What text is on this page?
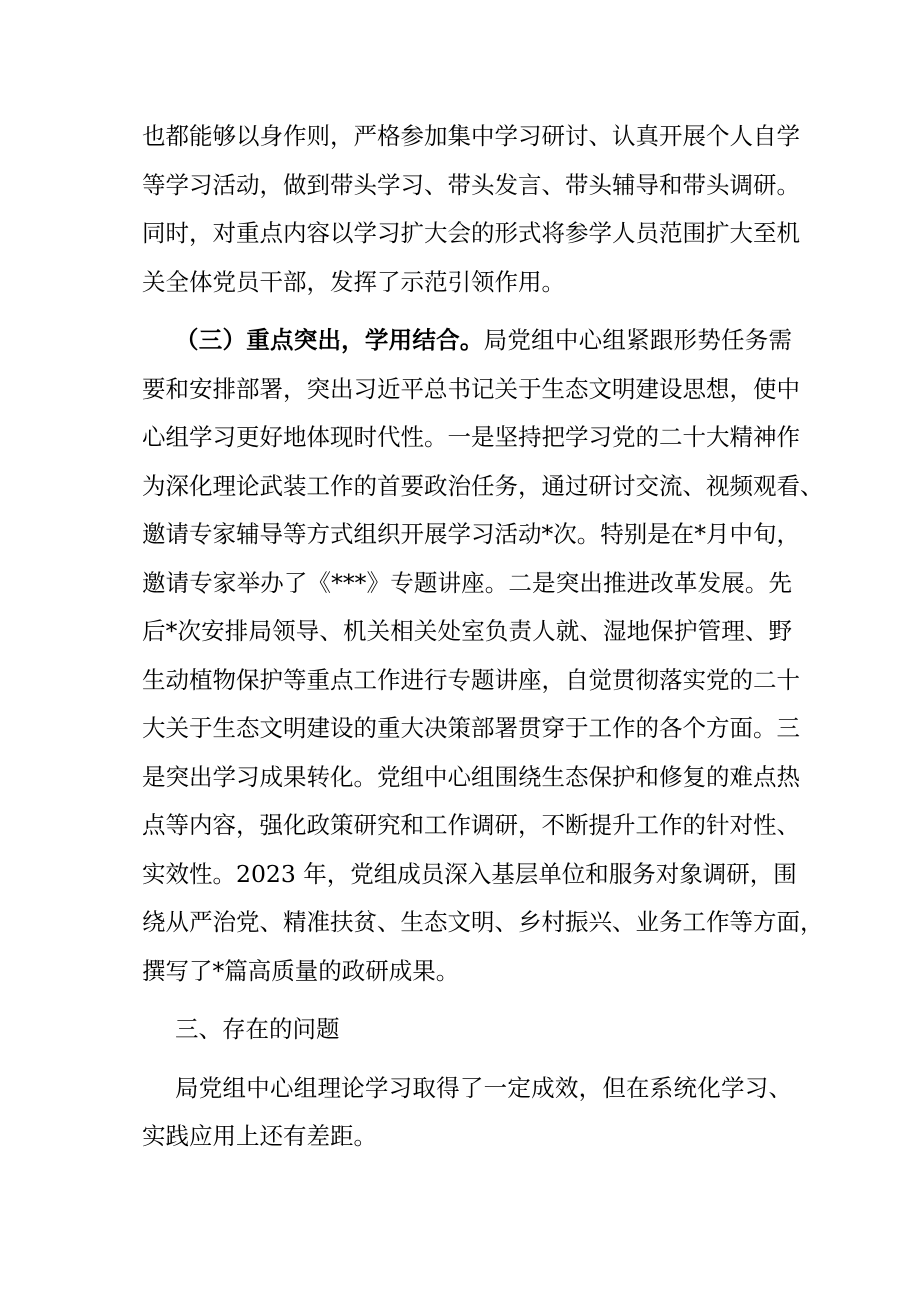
也都能够以身作则，严格参加集中学习研讨、认真开展个人自学
等学习活动，做到带头学习、带头发言、带头辅导和带头调研。
同时，对重点内容以学习扩大会的形式将参学人员范围扩大至机
关全体党员干部，发挥了示范引领作用。
（三）重点突出，学用结合。局党组中心组紧跟形势任务需
要和安排部署，突出习近平总书记关于生态文明建设思想，使中
心组学习更好地体现时代性。一是坚持把学习党的二十大精神作
为深化理论武装工作的首要政治任务，通过研讨交流、视频观看、
邀请专家辅导等方式组织开展学习活动*次。特别是在*月中旬，
邀请专家举办了《***》专题讲座。二是突出推进改革发展。先
后*次安排局领导、机关相关处室负责人就、湿地保护管理、野
生动植物保护等重点工作进行专题讲座，自觉贯彻落实党的二十
大关于生态文明建设的重大决策部署贯穿于工作的各个方面。三
是突出学习成果转化。党组中心组围绕生态保护和修复的难点热
点等内容，强化政策研究和工作调研，不断提升工作的针对性、
实效性。2023 年，党组成员深入基层单位和服务对象调研，围
绕从严治党、精准扶贫、生态文明、乡村振兴、业务工作等方面，
撰写了*篇高质量的政研成果。
三、存在的问题
局党组中心组理论学习取得了一定成效，但在系统化学习、
实践应用上还有差距。
